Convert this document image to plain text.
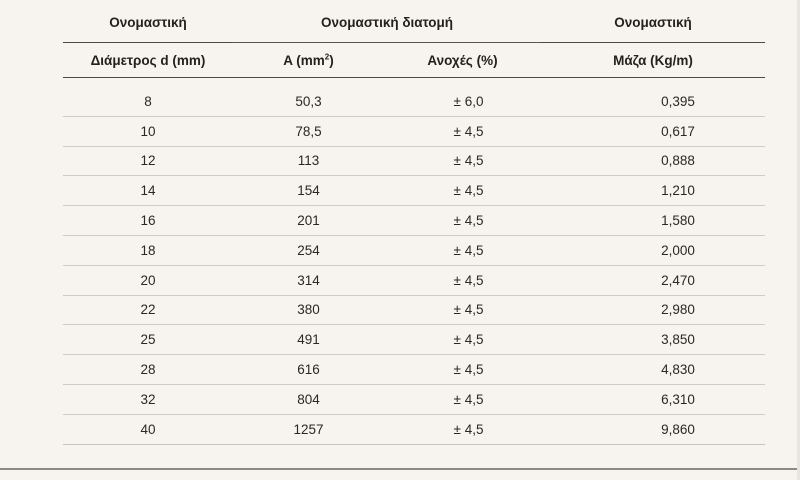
Ονομαστική	Ονομαστική διατομή		Ονομαστική
Διάμετρος d (mm)	A $(mm^2)$	Ανοχές (%)	Μάζα (Kg/m)

8	50,3	± 6,0	0,395
10	78,5	± 4,5	0,617
12	113	± 4,5	0,888
14	154	± 4,5	1,210
16	201	± 4,5	1,580
18	254	± 4,5	2,000
20	314	± 4,5	2,470
22	380	± 4,5	2,980
25	491	± 4,5	3,850
28	616	± 4,5	4,830
32	804	± 4,5	6,310
40	1257	± 4,5	9,860
